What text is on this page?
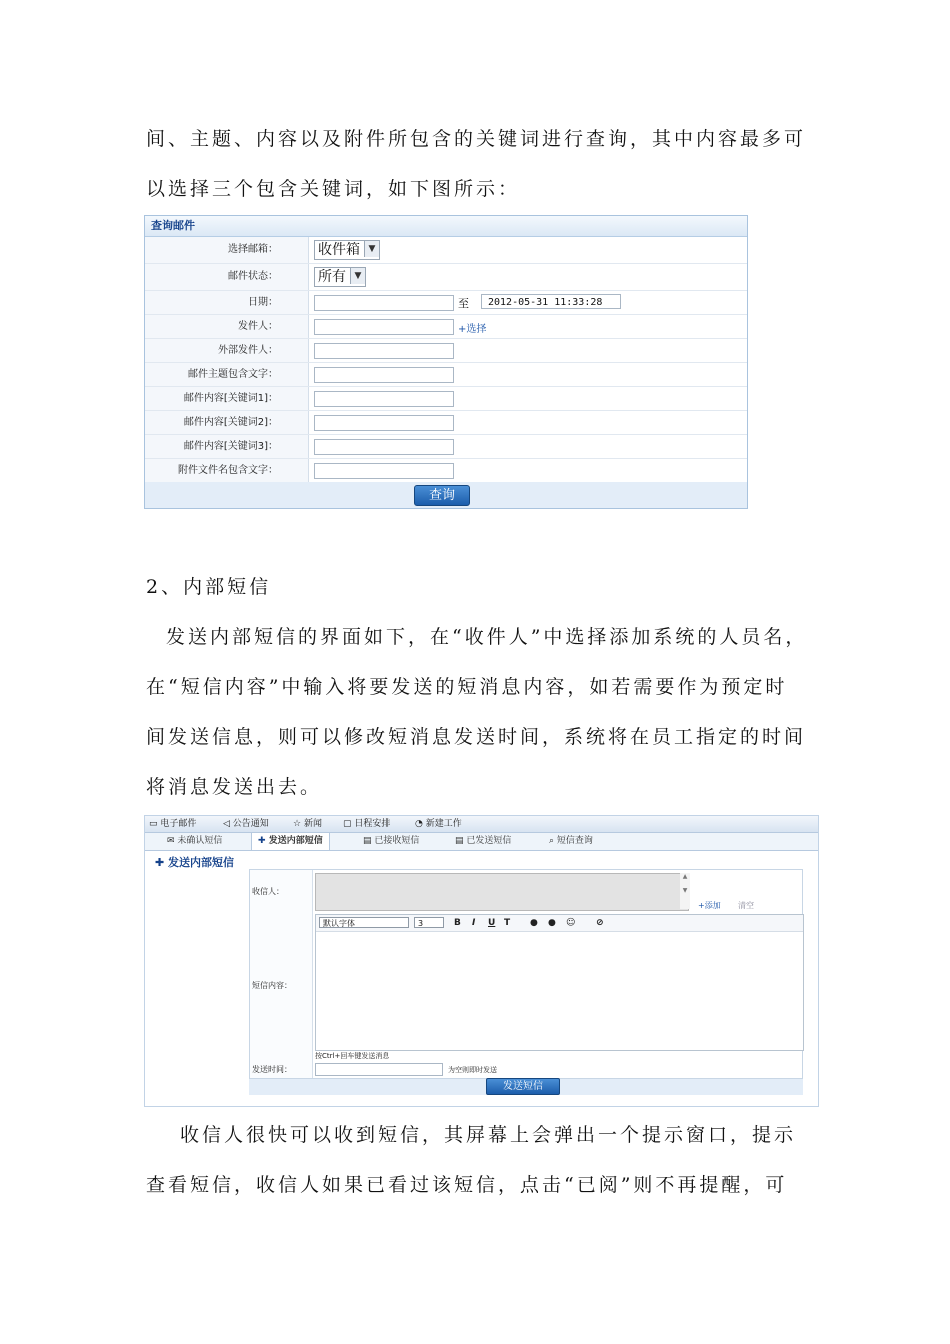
间、主题、内容以及附件所包含的关键词进行查询，其中内容最多可

以选择三个包含关键词，如下图所示：

查询邮件
选择邮箱：	收件箱 ▼
邮件状态：	所有 ▼
日期：	至	2012-05-31 11:33:28
发件人：	+选择
外部发件人：
邮件主题包含文字：
邮件内容[关键词1]：
邮件内容[关键词2]：
邮件内容[关键词3]：
附件文件名包含文字：
查询

2、内部短信

发送内部短信的界面如下，在“收件人”中选择添加系统的人员名，

在“短信内容”中输入将要发送的短消息内容，如若需要作为预定时

间发送信息，则可以修改短消息发送时间，系统将在员工指定的时间

将消息发送出去。

▭ 电子邮件	◁ 公告通知	☆ 新闻 ▢ 日程安排	◔ 新建工作
✉ 未确认短信	✚ 发送内部短信	▤ 已接收短信	▤ 已发送短信	⌕ 短信查询
✚ 发送内部短信
收信人：
▲

▼
+添加 清空
短信内容：
默认字体	3	B I U T ● ● ☺ ⊘
按Ctrl+回车键发送消息
发送时间：	为空则即时发送
发送短信

收信人很快可以收到短信，其屏幕上会弹出一个提示窗口，提示

查看短信，收信人如果已看过该短信，点击“已阅”则不再提醒，可
